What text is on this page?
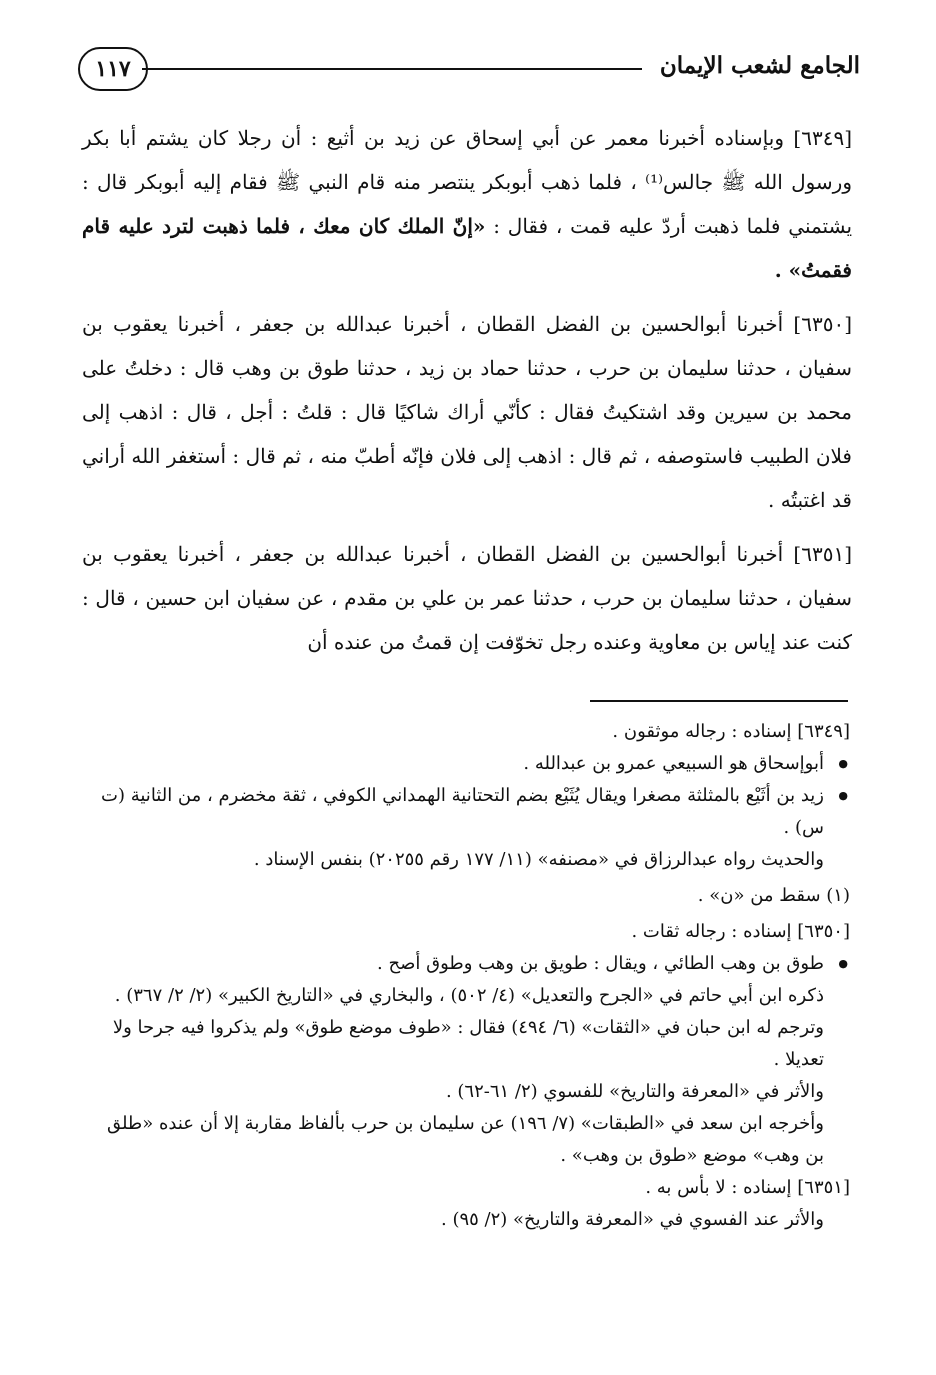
الجامع لشعب الإيمان
١١٧

[٦٣٤٩] وبإسناده أخبرنا معمر عن أبي إسحاق عن زيد بن أثيع : أن رجلا كان يشتم أبا بكر ورسول الله ﷺ جالس⁽¹⁾ ، فلما ذهب أبوبكر ينتصر منه قام النبي ﷺ فقام إليه أبوبكر قال : يشتمني فلما ذهبت أردّ عليه قمت ، فقال : «إنّ الملك كان معك ، فلما ذهبت لترد عليه قام فقمتُ» .

[٦٣٥٠] أخبرنا أبوالحسين بن الفضل القطان ، أخبرنا عبدالله بن جعفر ، أخبرنا يعقوب بن سفيان ، حدثنا سليمان بن حرب ، حدثنا حماد بن زيد ، حدثنا طوق بن وهب قال : دخلتُ على محمد بن سيرين وقد اشتكيتُ فقال : كأنّي أراك شاكيًا قال : قلتُ : أجل ، قال : اذهب إلى فلان الطبيب فاستوصفه ، ثم قال : اذهب إلى فلان فإنّه أطبّ منه ، ثم قال : أستغفر الله أراني قد اغتبتُه .

[٦٣٥١] أخبرنا أبوالحسين بن الفضل القطان ، أخبرنا عبدالله بن جعفر ، أخبرنا يعقوب بن سفيان ، حدثنا سليمان بن حرب ، حدثنا عمر بن علي بن مقدم ، عن سفيان ابن حسين ، قال : كنت عند إياس بن معاوية وعنده رجل تخوّفت إن قمتُ من عنده أن

[٦٣٤٩] إسناده : رجاله موثقون .

● أبوإسحاق هو السبيعي عمرو بن عبدالله .

● زيد بن أثَيْع بالمثلثة مصغرا ويقال يُثَيْع بضم التحتانية الهمداني الكوفي ، ثقة مخضرم ، من الثانية (ت س) .

والحديث رواه عبدالرزاق في «مصنفه» (١١/ ١٧٧ رقم ٢٠٢٥٥) بنفس الإسناد .

(١) سقط من «ن» .

[٦٣٥٠] إسناده : رجاله ثقات .

● طوق بن وهب الطائي ، ويقال : طويق بن وهب وطوق أصح .

ذكره ابن أبي حاتم في «الجرح والتعديل» (٤/ ٥٠٢) ، والبخاري في «التاريخ الكبير» (٢/ ٢/ ٣٦٧) .

وترجم له ابن حبان في «الثقات» (٦/ ٤٩٤) فقال : «طوف موضع طوق» ولم يذكروا فيه جرحا ولا تعديلا .

والأثر في «المعرفة والتاريخ» للفسوي (٢/ ٦١-٦٢) .

وأخرجه ابن سعد في «الطبقات» (٧/ ١٩٦) عن سليمان بن حرب بألفاظ مقاربة إلا أن عنده «طلق بن وهب» موضع «طوق بن وهب» .

[٦٣٥١] إسناده : لا بأس به .

والأثر عند الفسوي في «المعرفة والتاريخ» (٢/ ٩٥) .
